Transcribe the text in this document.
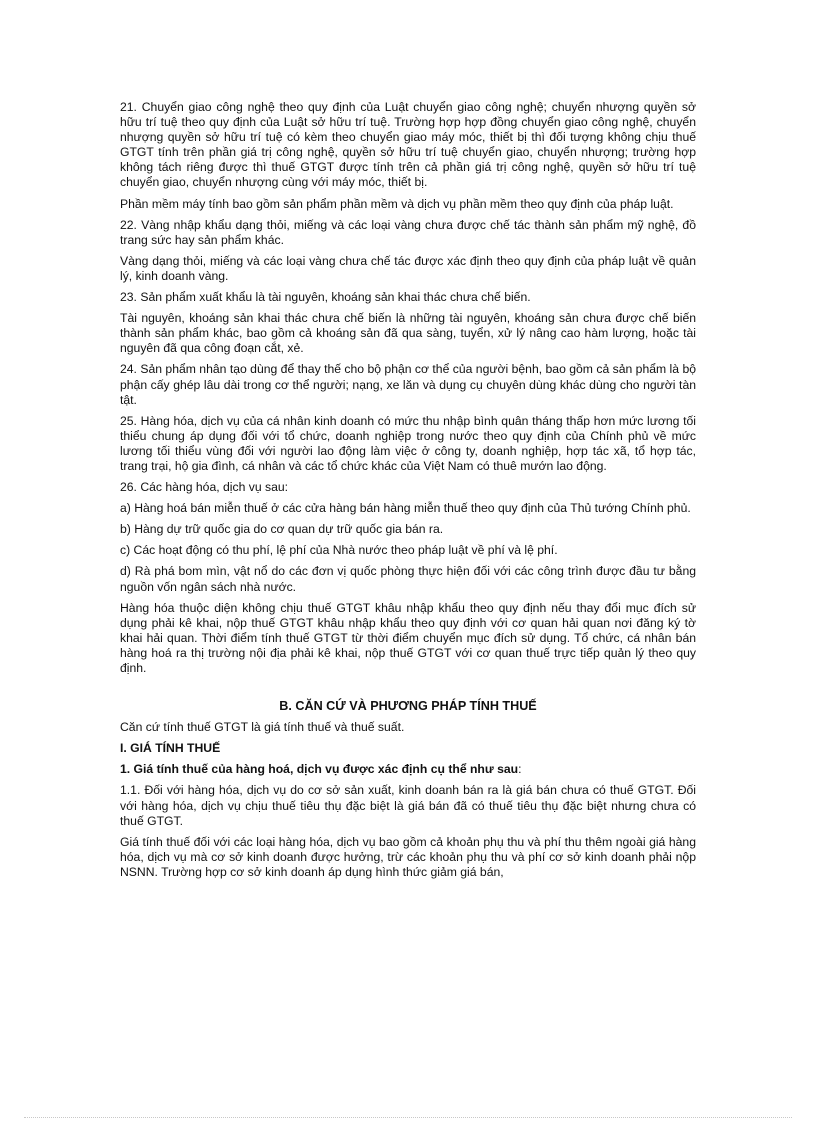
21. Chuyển giao công nghệ theo quy định của Luật chuyển giao công nghệ; chuyển nhượng quyền sở hữu trí tuệ theo quy định của Luật sở hữu trí tuệ. Trường hợp hợp đồng chuyển giao công nghệ, chuyển nhượng quyền sở hữu trí tuệ có kèm theo chuyển giao máy móc, thiết bị thì đối tượng không chịu thuế GTGT tính trên phần giá trị công nghệ, quyền sở hữu trí tuệ chuyển giao, chuyển nhượng; trường hợp không tách riêng được thì thuế GTGT được tính trên cả phần giá trị công nghệ, quyền sở hữu trí tuệ chuyển giao, chuyển nhượng cùng với máy móc, thiết bị.

Phần mềm máy tính bao gồm sản phẩm phần mềm và dịch vụ phần mềm theo quy định của pháp luật.

22. Vàng nhập khẩu dạng thỏi, miếng và các loại vàng chưa được chế tác thành sản phẩm mỹ nghệ, đồ trang sức hay sản phẩm khác.

Vàng dạng thỏi, miếng và các loại vàng chưa chế tác được xác định theo quy định của pháp luật về quản lý, kinh doanh vàng.

23. Sản phẩm xuất khẩu là tài nguyên, khoáng sản khai thác chưa chế biến.

Tài nguyên, khoáng sản khai thác chưa chế biến là những tài nguyên, khoáng sản chưa được chế biến thành sản phẩm khác, bao gồm cả khoáng sản đã qua sàng, tuyển, xử lý nâng cao hàm lượng, hoặc tài nguyên đã qua công đoạn cắt, xẻ.

24. Sản phẩm nhân tạo dùng để thay thế cho bộ phận cơ thể của người bệnh, bao gồm cả sản phẩm là bộ phận cấy ghép lâu dài trong cơ thể người; nạng, xe lăn và dụng cụ chuyên dùng khác dùng cho người tàn tật.

25. Hàng hóa, dịch vụ của cá nhân kinh doanh có mức thu nhập bình quân tháng thấp hơn mức lương tối thiểu chung áp dụng đối với tổ chức, doanh nghiệp trong nước theo quy định của Chính phủ về mức lương tối thiểu vùng đối với người lao động làm việc ở công ty, doanh nghiệp, hợp tác xã, tổ hợp tác, trang trại, hộ gia đình, cá nhân và các tổ chức khác của Việt Nam có thuê mướn lao động.

26. Các hàng hóa, dịch vụ sau:

a) Hàng hoá bán miễn thuế ở các cửa hàng bán hàng miễn thuế theo quy định của Thủ tướng Chính phủ.

b) Hàng dự trữ quốc gia do cơ quan dự trữ quốc gia bán ra.

c) Các hoạt động có thu phí, lệ phí của Nhà nước theo pháp luật về phí và lệ phí.

d) Rà phá bom mìn, vật nổ do các đơn vị quốc phòng thực hiện đối với các công trình được đầu tư bằng nguồn vốn ngân sách nhà nước.

Hàng hóa thuộc diện không chịu thuế GTGT khâu nhập khẩu theo quy định nếu thay đổi mục đích sử dụng phải kê khai, nộp thuế GTGT khâu nhập khẩu theo quy định với cơ quan hải quan nơi đăng ký tờ khai hải quan. Thời điểm tính thuế GTGT từ thời điểm chuyển mục đích sử dụng. Tổ chức, cá nhân bán hàng hoá ra thị trường nội địa phải kê khai, nộp thuế GTGT với cơ quan thuế trực tiếp quản lý theo quy định.

B. CĂN CỨ VÀ PHƯƠNG PHÁP TÍNH THUẾ

Căn cứ tính thuế GTGT là giá tính thuế và thuế suất.

I. GIÁ TÍNH THUẾ

1. Giá tính thuế của hàng hoá, dịch vụ được xác định cụ thể như sau:

1.1. Đối với hàng hóa, dịch vụ do cơ sở sản xuất, kinh doanh bán ra là giá bán chưa có thuế GTGT. Đối với hàng hóa, dịch vụ chịu thuế tiêu thụ đặc biệt là giá bán đã có thuế tiêu thụ đặc biệt nhưng chưa có thuế GTGT.

Giá tính thuế đối với các loại hàng hóa, dịch vụ bao gồm cả khoản phụ thu và phí thu thêm ngoài giá hàng hóa, dịch vụ mà cơ sở kinh doanh được hưởng, trừ các khoản phụ thu và phí cơ sở kinh doanh phải nộp NSNN. Trường hợp cơ sở kinh doanh áp dụng hình thức giảm giá bán,
